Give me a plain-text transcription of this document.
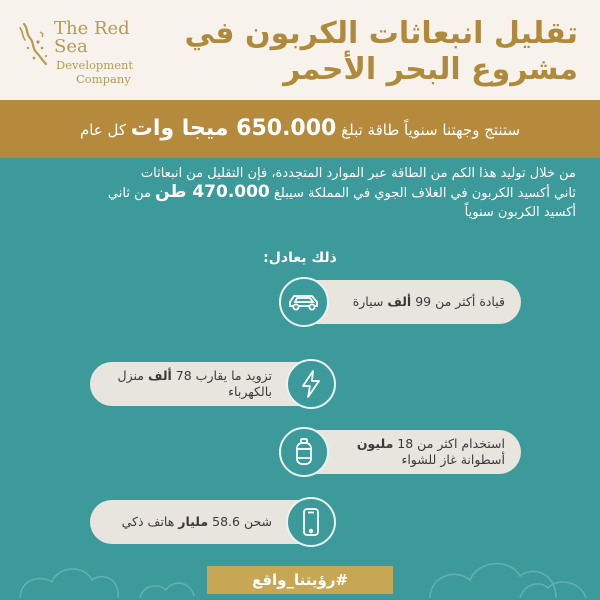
The Red Sea
Development
Company
تقليل انبعاثات الكربون في
مشروع البحر الأحمر
ستنتج وجهتنا سنوياً طاقة تبلغ 650.000 ميجا وات كل عام
من خلال توليد هذا الكم من الطاقة عبر الموارد المتجددة، فإن التقليل من انبعاثات
ثاني أكسيد الكربون في الغلاف الجوي في المملكة سيبلغ 470.000 طن من ثاني
أكسيد الكربون سنوياً
ذلك يعادل:
قيادة أكثر من 99 ألف سيارة
تزويد ما يقارب 78 ألف منزل
بالكهرباء
استخدام اكثر من 18 مليون
أسطوانة غاز للشواء
شحن 58.6 مليار هاتف ذكي
#رؤيتنا_واقع
